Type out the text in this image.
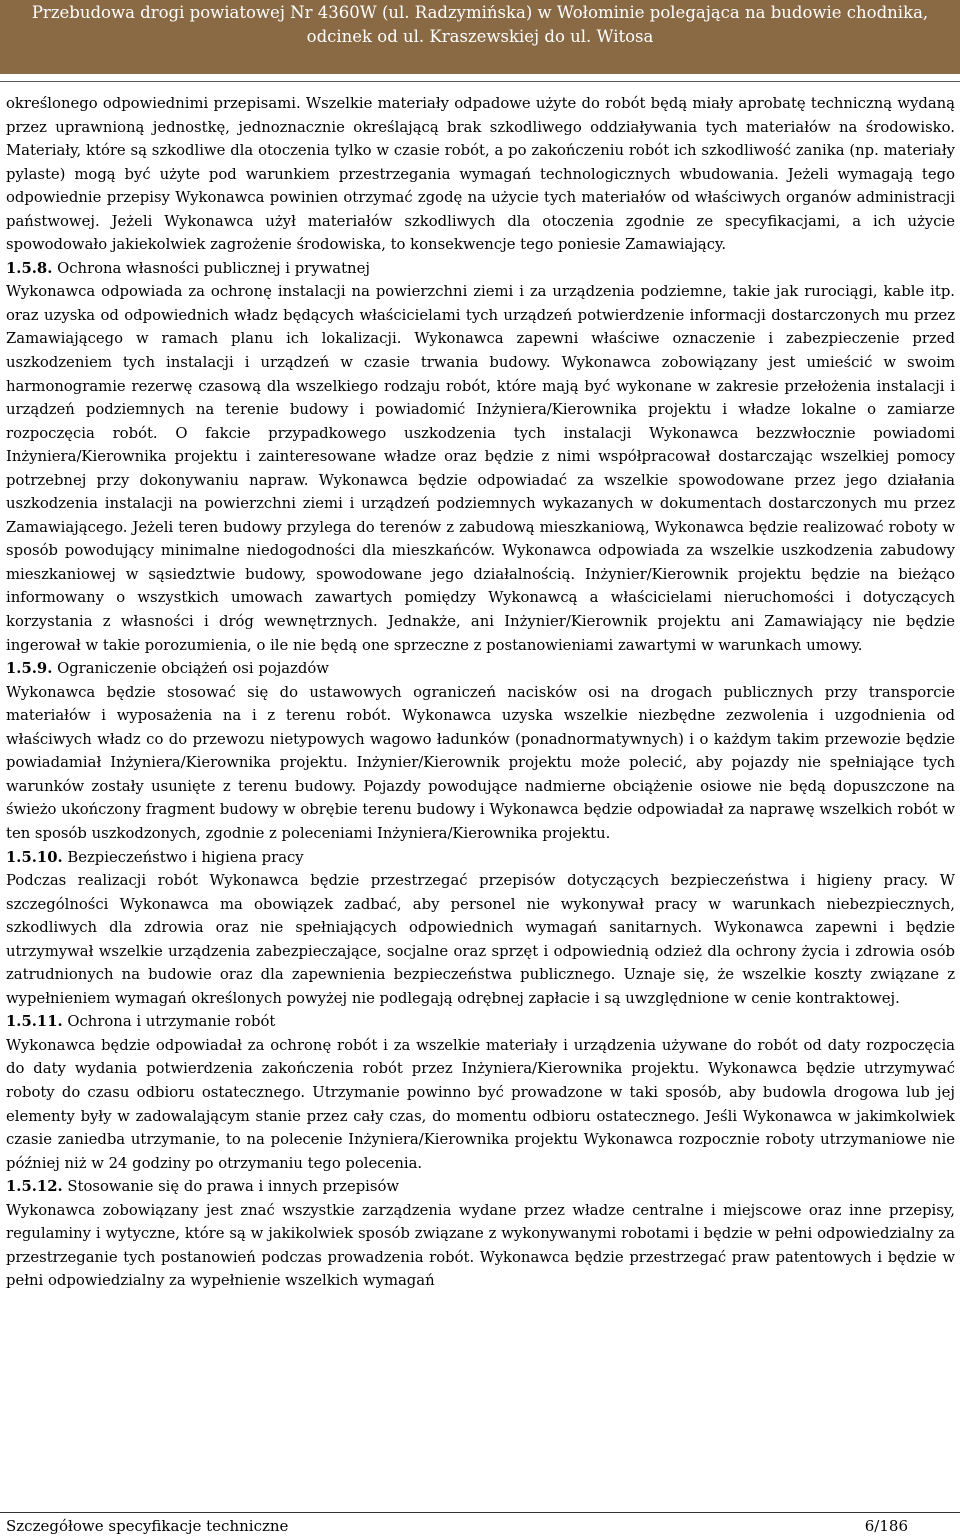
Przebudowa drogi powiatowej Nr 4360W (ul. Radzymińska) w Wołominie polegająca na budowie chodnika,
odcinek od ul. Kraszewskiej do ul. Witosa

określonego odpowiednimi przepisami. Wszelkie materiały odpadowe użyte do robót będą miały aprobatę techniczną wydaną przez uprawnioną jednostkę, jednoznacznie określającą brak szkodliwego oddziaływania tych materiałów na środowisko. Materiały, które są szkodliwe dla otoczenia tylko w czasie robót, a po zakończeniu robót ich szkodliwość zanika (np. materiały pylaste) mogą być użyte pod warunkiem przestrzegania wymagań technologicznych wbudowania. Jeżeli wymagają tego odpowiednie przepisy Wykonawca powinien otrzymać zgodę na użycie tych materiałów od właściwych organów administracji państwowej. Jeżeli Wykonawca użył materiałów szkodliwych dla otoczenia zgodnie ze specyfikacjami, a ich użycie spowodowało jakiekolwiek zagrożenie środowiska, to konsekwencje tego poniesie Zamawiający.

1.5.8. Ochrona własności publicznej i prywatnej

Wykonawca odpowiada za ochronę instalacji na powierzchni ziemi i za urządzenia podziemne, takie jak rurociągi, kable itp. oraz uzyska od odpowiednich władz będących właścicielami tych urządzeń potwierdzenie informacji dostarczonych mu przez Zamawiającego w ramach planu ich lokalizacji. Wykonawca zapewni właściwe oznaczenie i zabezpieczenie przed uszkodzeniem tych instalacji i urządzeń w czasie trwania budowy. Wykonawca zobowiązany jest umieścić w swoim harmonogramie rezerwę czasową dla wszelkiego rodzaju robót, które mają być wykonane w zakresie przełożenia instalacji i urządzeń podziemnych na terenie budowy i powiadomić Inżyniera/Kierownika projektu i władze lokalne o zamiarze rozpoczęcia robót. O fakcie przypadkowego uszkodzenia tych instalacji Wykonawca bezzwłocznie powiadomi Inżyniera/Kierownika projektu i zainteresowane władze oraz będzie z nimi współpracował dostarczając wszelkiej pomocy potrzebnej przy dokonywaniu napraw. Wykonawca będzie odpowiadać za wszelkie spowodowane przez jego działania uszkodzenia instalacji na powierzchni ziemi i urządzeń podziemnych wykazanych w dokumentach dostarczonych mu przez Zamawiającego. Jeżeli teren budowy przylega do terenów z zabudową mieszkaniową, Wykonawca będzie realizować roboty w sposób powodujący minimalne niedogodności dla mieszkańców. Wykonawca odpowiada za wszelkie uszkodzenia zabudowy mieszkaniowej w sąsiedztwie budowy, spowodowane jego działalnością. Inżynier/Kierownik projektu będzie na bieżąco informowany o wszystkich umowach zawartych pomiędzy Wykonawcą a właścicielami nieruchomości i dotyczących korzystania z własności i dróg wewnętrznych. Jednakże, ani Inżynier/Kierownik projektu ani Zamawiający nie będzie ingerował w takie porozumienia, o ile nie będą one sprzeczne z postanowieniami zawartymi w warunkach umowy.

1.5.9. Ograniczenie obciążeń osi pojazdów

Wykonawca będzie stosować się do ustawowych ograniczeń nacisków osi na drogach publicznych przy transporcie materiałów i wyposażenia na i z terenu robót. Wykonawca uzyska wszelkie niezbędne zezwolenia i uzgodnienia od właściwych władz co do przewozu nietypowych wagowo ładunków (ponadnormatywnych) i o każdym takim przewozie będzie powiadamiał Inżyniera/Kierownika projektu. Inżynier/Kierownik projektu może polecić, aby pojazdy nie spełniające tych warunków zostały usunięte z terenu budowy. Pojazdy powodujące nadmierne obciążenie osiowe nie będą dopuszczone na świeżo ukończony fragment budowy w obrębie terenu budowy i Wykonawca będzie odpowiadał za naprawę wszelkich robót w ten sposób uszkodzonych, zgodnie z poleceniami Inżyniera/Kierownika projektu.

1.5.10. Bezpieczeństwo i higiena pracy

Podczas realizacji robót Wykonawca będzie przestrzegać przepisów dotyczących bezpieczeństwa i higieny pracy. W szczególności Wykonawca ma obowiązek zadbać, aby personel nie wykonywał pracy w warunkach niebezpiecznych, szkodliwych dla zdrowia oraz nie spełniających odpowiednich wymagań sanitarnych. Wykonawca zapewni i będzie utrzymywał wszelkie urządzenia zabezpieczające, socjalne oraz sprzęt i odpowiednią odzież dla ochrony życia i zdrowia osób zatrudnionych na budowie oraz dla zapewnienia bezpieczeństwa publicznego. Uznaje się, że wszelkie koszty związane z wypełnieniem wymagań określonych powyżej nie podlegają odrębnej zapłacie i są uwzględnione w cenie kontraktowej.

1.5.11. Ochrona i utrzymanie robót

Wykonawca będzie odpowiadał za ochronę robót i za wszelkie materiały i urządzenia używane do robót od daty rozpoczęcia do daty wydania potwierdzenia zakończenia robót przez Inżyniera/Kierownika projektu. Wykonawca będzie utrzymywać roboty do czasu odbioru ostatecznego. Utrzymanie powinno być prowadzone w taki sposób, aby budowla drogowa lub jej elementy były w zadowalającym stanie przez cały czas, do momentu odbioru ostatecznego. Jeśli Wykonawca w jakimkolwiek czasie zaniedba utrzymanie, to na polecenie Inżyniera/Kierownika projektu Wykonawca rozpocznie roboty utrzymaniowe nie później niż w 24 godziny po otrzymaniu tego polecenia.

1.5.12. Stosowanie się do prawa i innych przepisów

Wykonawca zobowiązany jest znać wszystkie zarządzenia wydane przez władze centralne i miejscowe oraz inne przepisy, regulaminy i wytyczne, które są w jakikolwiek sposób związane z wykonywanymi robotami i będzie w pełni odpowiedzialny za przestrzeganie tych postanowień podczas prowadzenia robót. Wykonawca będzie przestrzegać praw patentowych i będzie w pełni odpowiedzialny za wypełnienie wszelkich wymagań

Szczegółowe specyfikacje techniczne	6/186
